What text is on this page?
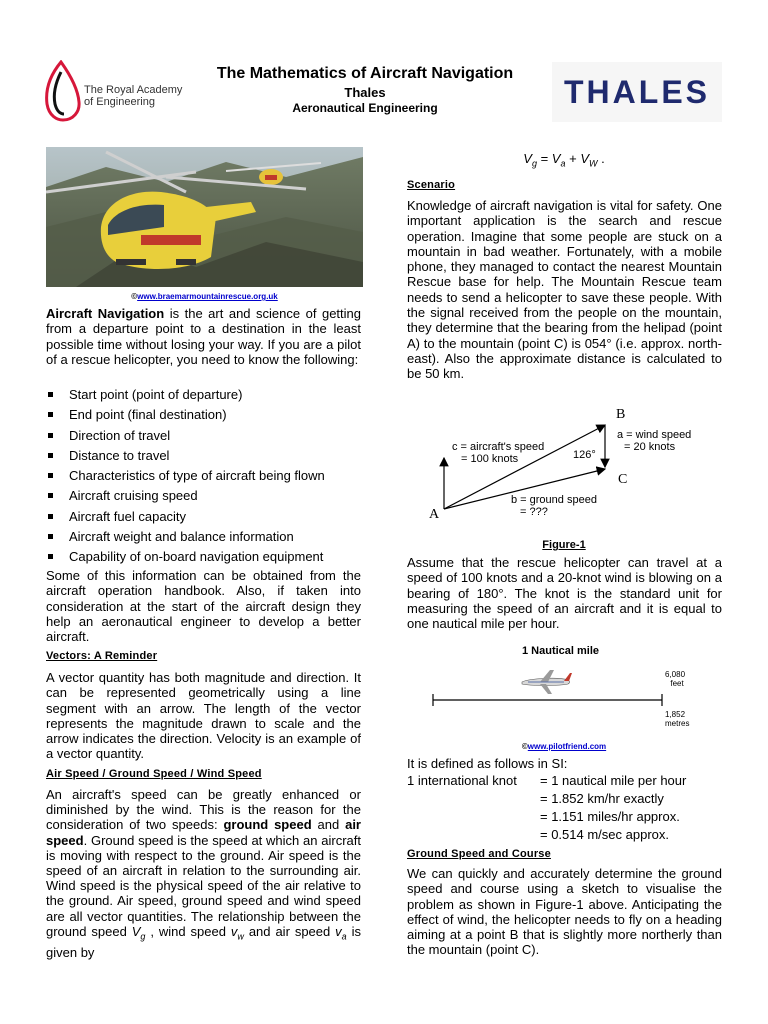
The Royal Academy
of Engineering
The Mathematics of Aircraft Navigation
Thales
Aeronautical Engineering	THALES
©www.braemarmountainrescue.org.uk
Aircraft Navigation is the art and science of getting from a departure point to a destination in the least possible time without losing your way. If you are a pilot of a rescue helicopter, you need to know the following:
Start point (point of departure)
End point (final destination)
Direction of travel
Distance to travel
Characteristics of type of aircraft being flown
Aircraft cruising speed
Aircraft fuel capacity
Aircraft weight and balance information
Capability of on-board navigation equipment
Some of this information can be obtained from the aircraft operation handbook. Also, if taken into consideration at the start of the aircraft design they help an aeronautical engineer to develop a better aircraft.
Vectors: A Reminder
A vector quantity has both magnitude and direction. It can be represented geometrically using a line segment with an arrow. The length of the vector represents the magnitude drawn to scale and the arrow indicates the direction. Velocity is an example of a vector quantity.
Air Speed / Ground Speed / Wind Speed
An aircraft's speed can be greatly enhanced or diminished by the wind. This is the reason for the consideration of two speeds: ground speed and air speed. Ground speed is the speed at which an aircraft is moving with respect to the ground. Air speed is the speed of an aircraft in relation to the surrounding air. Wind speed is the physical speed of the air relative to the ground. Air speed, ground speed and wind speed are all vector quantities. The relationship between the ground speed $V_g$ , wind speed $v_w$ and air speed $v_a$ is given by
$V_g = V_a + V_W$ .
Scenario
Knowledge of aircraft navigation is vital for safety. One important application is the search and rescue operation. Imagine that some people are stuck on a mountain in bad weather. Fortunately, with a mobile phone, they managed to contact the nearest Mountain Rescue base for help. The Mountain Rescue team needs to send a helicopter to save these people. With the signal received from the people on the mountain, they determine that the bearing from the helipad (point A) to the mountain (point C) is 054° (i.e. approx. north-east). Also the approximate distance is calculated to be 50 km.
B
A
C
c = aircraft's speed
= 100 knots
a = wind speed
= 20 knots
126°
b = ground speed
= ???
Figure-1
Assume that the rescue helicopter can travel at a speed of 100 knots and a 20-knot wind is blowing on a bearing of 180°. The knot is the standard unit for measuring the speed of an aircraft and it is equal to one nautical mile per hour.
1 Nautical mile
6,080
feet
1,852
metres
©www.pilotfriend.com
It is defined as follows in SI:
1 international knot = 1 nautical mile per hour
= 1.852 km/hr exactly
= 1.151 miles/hr approx.
= 0.514 m/sec approx.
Ground Speed and Course
We can quickly and accurately determine the ground speed and course using a sketch to visualise the problem as shown in Figure-1 above. Anticipating the effect of wind, the helicopter needs to fly on a heading aiming at a point B that is slightly more northerly than the mountain (point C).
